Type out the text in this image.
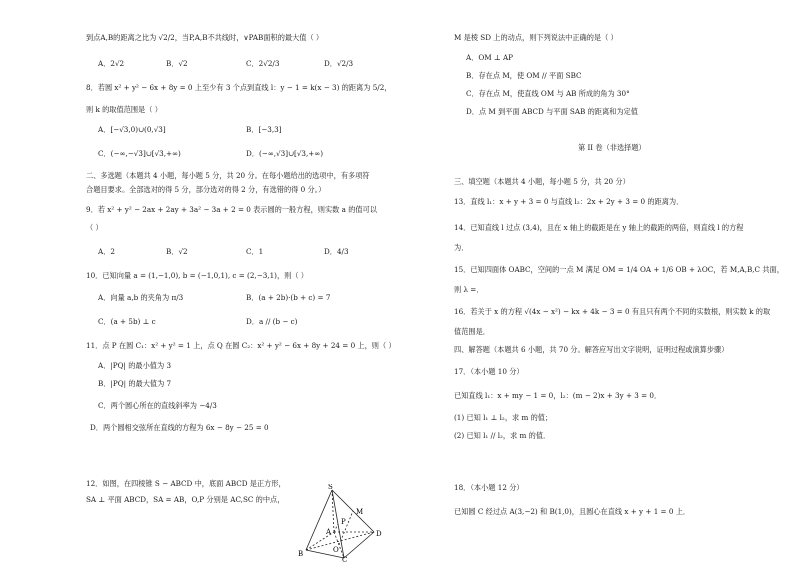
到点A,B的距离之比为 √2/2，当P,A,B不共线时，∨PAB面积的最大值（ ）
A．2√2	B．√2	C．2√2/3	D．√2/3
8．若圆 x² + y² − 6x + 8y = 0 上至少有 3 个点到直线 l：y − 1 = k(x − 3) 的距离为 5/2，
则 k 的取值范围是（ ）
A．[−√3,0)∪(0,√3]	B．[−3,3]
C．(−∞,−√3]∪[√3,+∞)	D．(−∞,√3]∪[√3,+∞)
二、多选题（本题共 4 小题，每小题 5 分，共 20 分。在每小题给出的选项中，有多项符
合题目要求。全部选对的得 5 分，部分选对的得 2 分，有选错的得 0 分。）
9．若 x² + y² − 2ax + 2ay + 3a² − 3a + 2 = 0 表示圆的一般方程，则实数 a 的值可以
（ ）
A．2	B．√2	C．1	D．4/3
10．已知向量 a = (1,−1,0), b = (−1,0,1), c = (2,−3,1)，则（ ）
A．向量 a,b 的夹角为 π/3	B．(a + 2b)·(b + c) = 7
C．(a + 5b) ⊥ c	D．a // (b − c)
11．点 P 在圆 C₁：x² + y² = 1 上，点 Q 在圆 C₂：x² + y² − 6x + 8y + 24 = 0 上，则（ ）
A．|PQ| 的最小值为 3
B．|PQ| 的最大值为 7
C．两个圆心所在的直线斜率为 −4/3
D．两个圆相交弦所在直线的方程为 6x − 8y − 25 = 0
12．如图，在四棱锥 S − ABCD 中，底面 ABCD 是正方形，
SA ⊥ 平面 ABCD，SA = AB，O,P 分别是 AC,SC 的中点，
M 是棱 SD 上的动点，则下列说法中正确的是（ ）
A．OM ⊥ AP
B．存在点 M，使 OM // 平面 SBC
C．存在点 M，使直线 OM 与 AB 所成的角为 30°
D．点 M 到平面 ABCD 与平面 SAB 的距离和为定值
第 II 卷（非选择题）
三、填空题（本题共 4 小题，每小题 5 分，共 20 分）
13．直线 l₁：x + y + 3 = 0 与直线 l₂：2x + 2y + 3 = 0 的距离为．
14．已知直线 l 过点 (3,4)，且在 x 轴上的截距是在 y 轴上的截距的两倍，则直线 l 的方程
为．
15．已知四面体 OABC，空间的一点 M 满足 OM = 1/4 OA + 1/6 OB + λOC，若 M,A,B,C 共面，
则 λ =．
16．若关于 x 的方程 √(4x − x²) − kx + 4k − 3 = 0 有且只有两个不同的实数根，则实数 k 的取
值范围是．
四、解答题（本题共 6 小题，共 70 分。解答应写出文字说明，证明过程或演算步骤）
17．（本小题 10 分）
已知直线 l₁：x + my − 1 = 0，l₂：(m − 2)x + 3y + 3 = 0．
(1) 已知 l₁ ⊥ l₂，求 m 的值；
(2) 已知 l₁ // l₂，求 m 的值．
18．（本小题 12 分）
已知圆 C 经过点 A(3,−2) 和 B(1,0)，且圆心在直线 x + y + 1 = 0 上．
S
B
C
D
A
O
P
M
